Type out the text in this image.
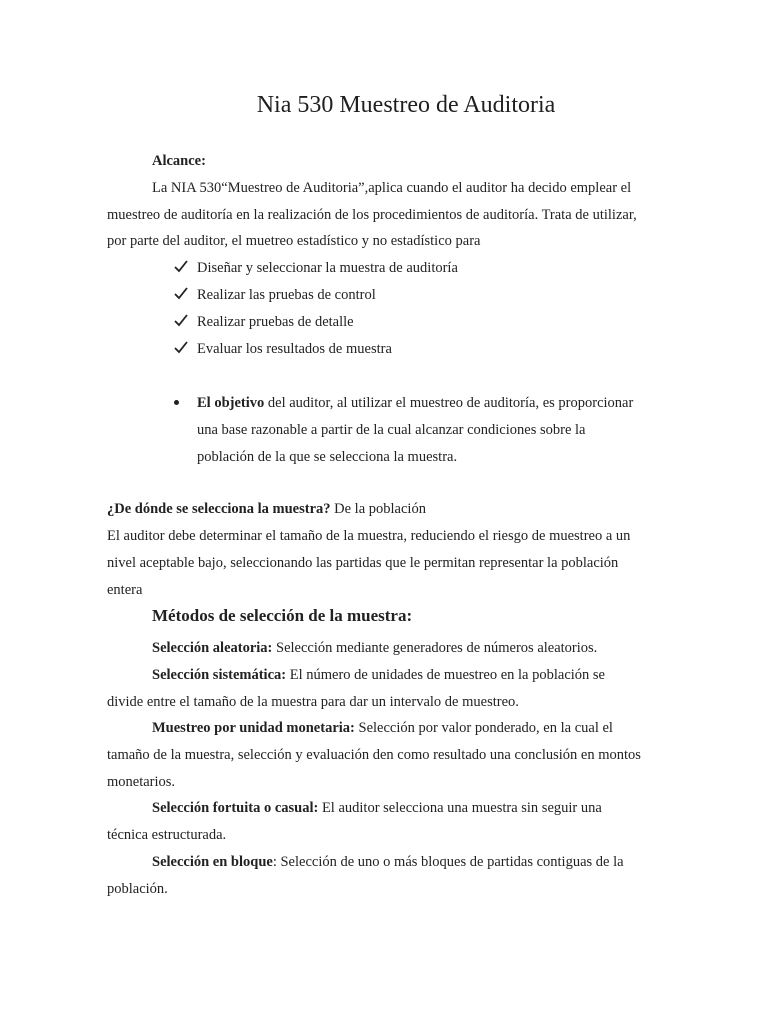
Nia 530 Muestreo de Auditoria
Alcance:
La NIA 530“Muestreo de Auditoria”,aplica cuando el auditor ha decido emplear el
muestreo de auditoría en la realización de los procedimientos de auditoría. Trata de utilizar,
por parte del auditor, el muetreo estadístico y no estadístico para
Diseñar y seleccionar la muestra de auditoría
Realizar las pruebas de control
Realizar pruebas de detalle
Evaluar los resultados de muestra
El objetivo del auditor, al utilizar el muestreo de auditoría, es proporcionar
una base razonable a partir de la cual alcanzar condiciones sobre la
población de la que se selecciona la muestra.
¿De dónde se selecciona la muestra? De la población
El auditor debe determinar el tamaño de la muestra, reduciendo el riesgo de muestreo a un
nivel aceptable bajo, seleccionando las partidas que le permitan representar la población
entera
Métodos de selección de la muestra:
Selección aleatoria: Selección mediante generadores de números aleatorios.
Selección sistemática: El número de unidades de muestreo en la población se
divide entre el tamaño de la muestra para dar un intervalo de muestreo.
Muestreo por unidad monetaria: Selección por valor ponderado, en la cual el
tamaño de la muestra, selección y evaluación den como resultado una conclusión en montos
monetarios.
Selección fortuita o casual: El auditor selecciona una muestra sin seguir una
técnica estructurada.
Selección en bloque: Selección de uno o más bloques de partidas contiguas de la
población.
